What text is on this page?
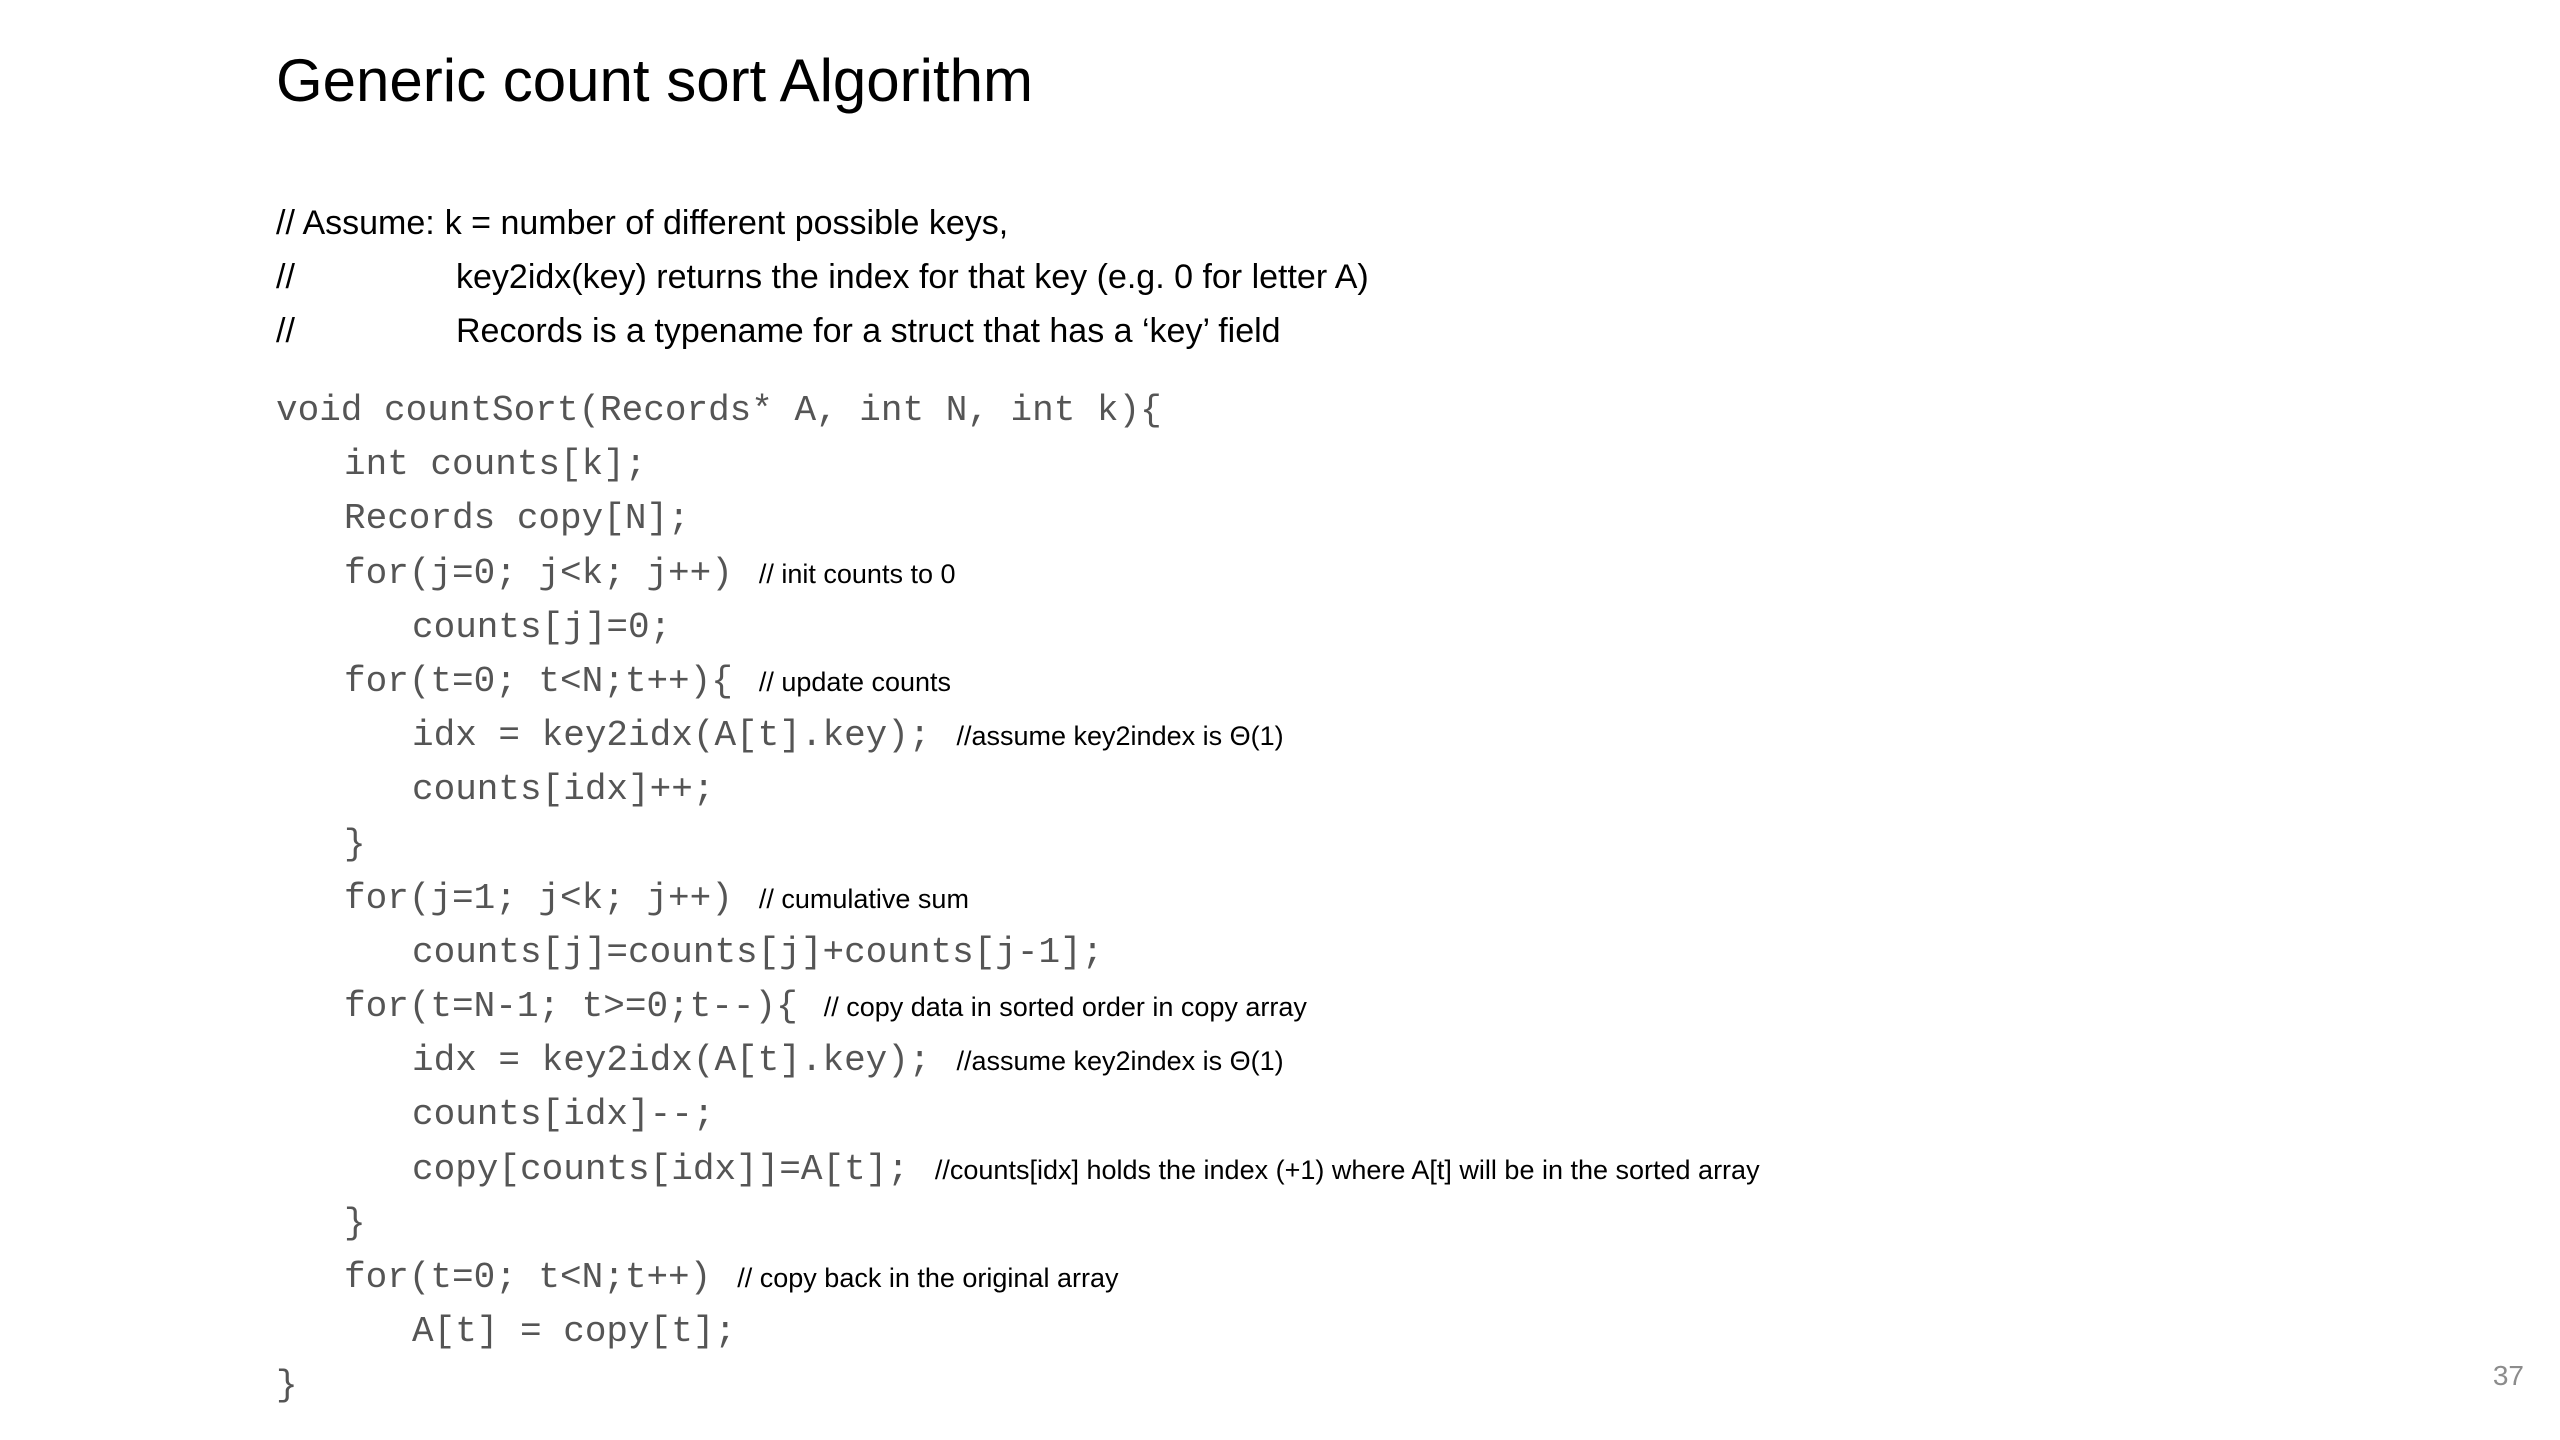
Generic count sort Algorithm
// Assume: k = number of different possible keys,
//	key2idx(key) returns the index for that key (e.g. 0 for letter A)
//	Records is a typename for a struct that has a ‘key’ field
void countSort(Records* A, int N, int k){
int counts[k];
Records copy[N];
for(j=0; j<k; j++) // init counts to 0
counts[j]=0;
for(t=0; t<N;t++){ // update counts
idx = key2idx(A[t].key); //assume key2index is Θ(1)
counts[idx]++;
}
for(j=1; j<k; j++) // cumulative sum
counts[j]=counts[j]+counts[j-1];
for(t=N-1; t>=0;t--){ // copy data in sorted order in copy array
idx = key2idx(A[t].key); //assume key2index is Θ(1)
counts[idx]--;
copy[counts[idx]]=A[t]; //counts[idx] holds the index (+1) where A[t] will be in the sorted array
}
for(t=0; t<N;t++) // copy back in the original array
A[t] = copy[t];
}	37
